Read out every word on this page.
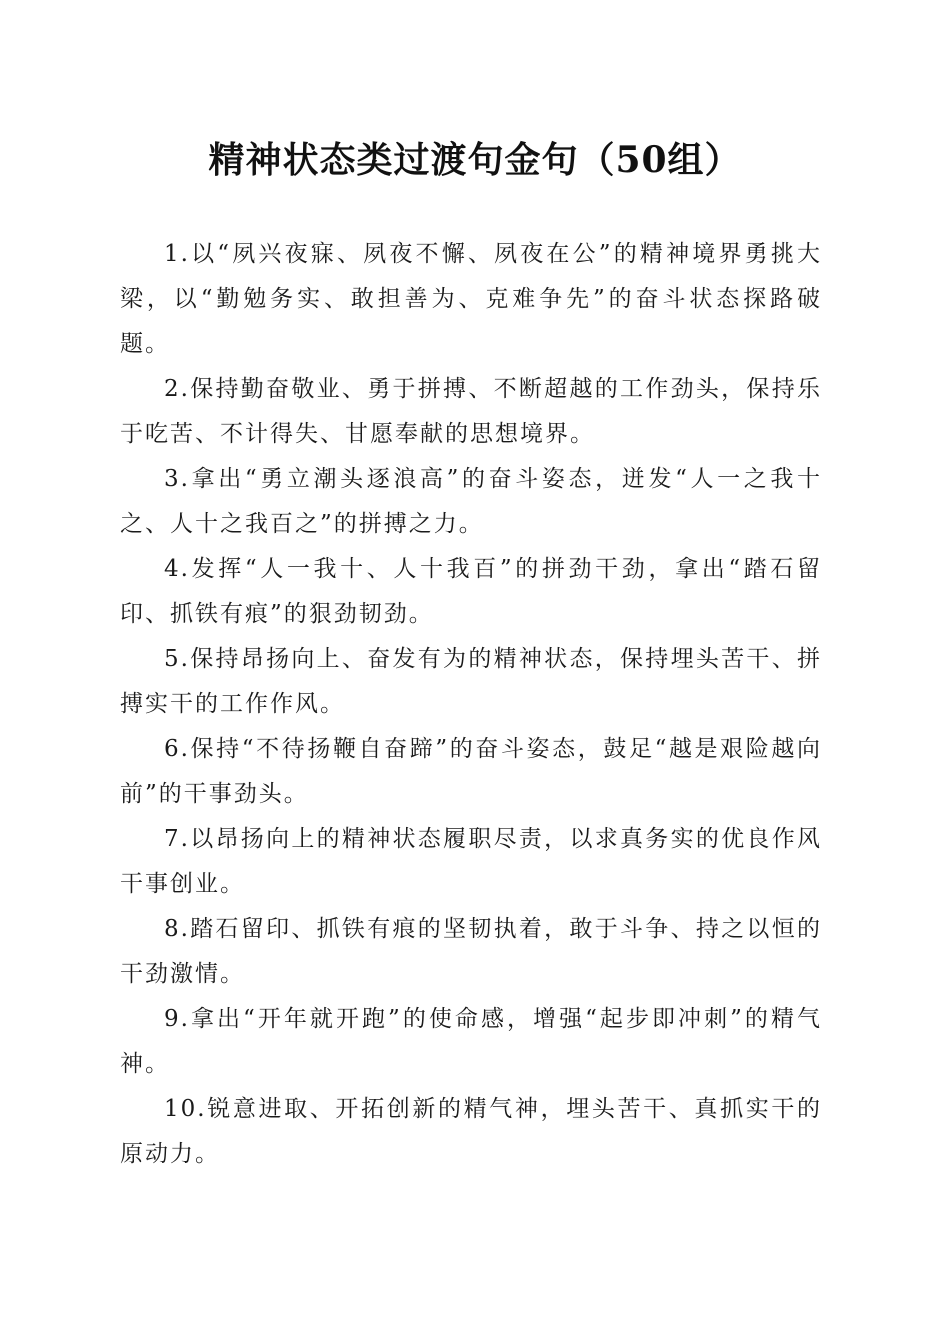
精神状态类过渡句金句（50组）

1.以“夙兴夜寐、夙夜不懈、夙夜在公”的精神境界勇挑大梁，以“勤勉务实、敢担善为、克难争先”的奋斗状态探路破题。

2.保持勤奋敬业、勇于拼搏、不断超越的工作劲头，保持乐于吃苦、不计得失、甘愿奉献的思想境界。

3.拿出“勇立潮头逐浪高”的奋斗姿态，迸发“人一之我十之、人十之我百之”的拼搏之力。

4.发挥“人一我十、人十我百”的拼劲干劲，拿出“踏石留印、抓铁有痕”的狠劲韧劲。

5.保持昂扬向上、奋发有为的精神状态，保持埋头苦干、拼搏实干的工作作风。

6.保持“不待扬鞭自奋蹄”的奋斗姿态，鼓足“越是艰险越向前”的干事劲头。

7.以昂扬向上的精神状态履职尽责，以求真务实的优良作风干事创业。

8.踏石留印、抓铁有痕的坚韧执着，敢于斗争、持之以恒的干劲激情。

9.拿出“开年就开跑”的使命感，增强“起步即冲刺”的精气神。

10.锐意进取、开拓创新的精气神，埋头苦干、真抓实干的原动力。
